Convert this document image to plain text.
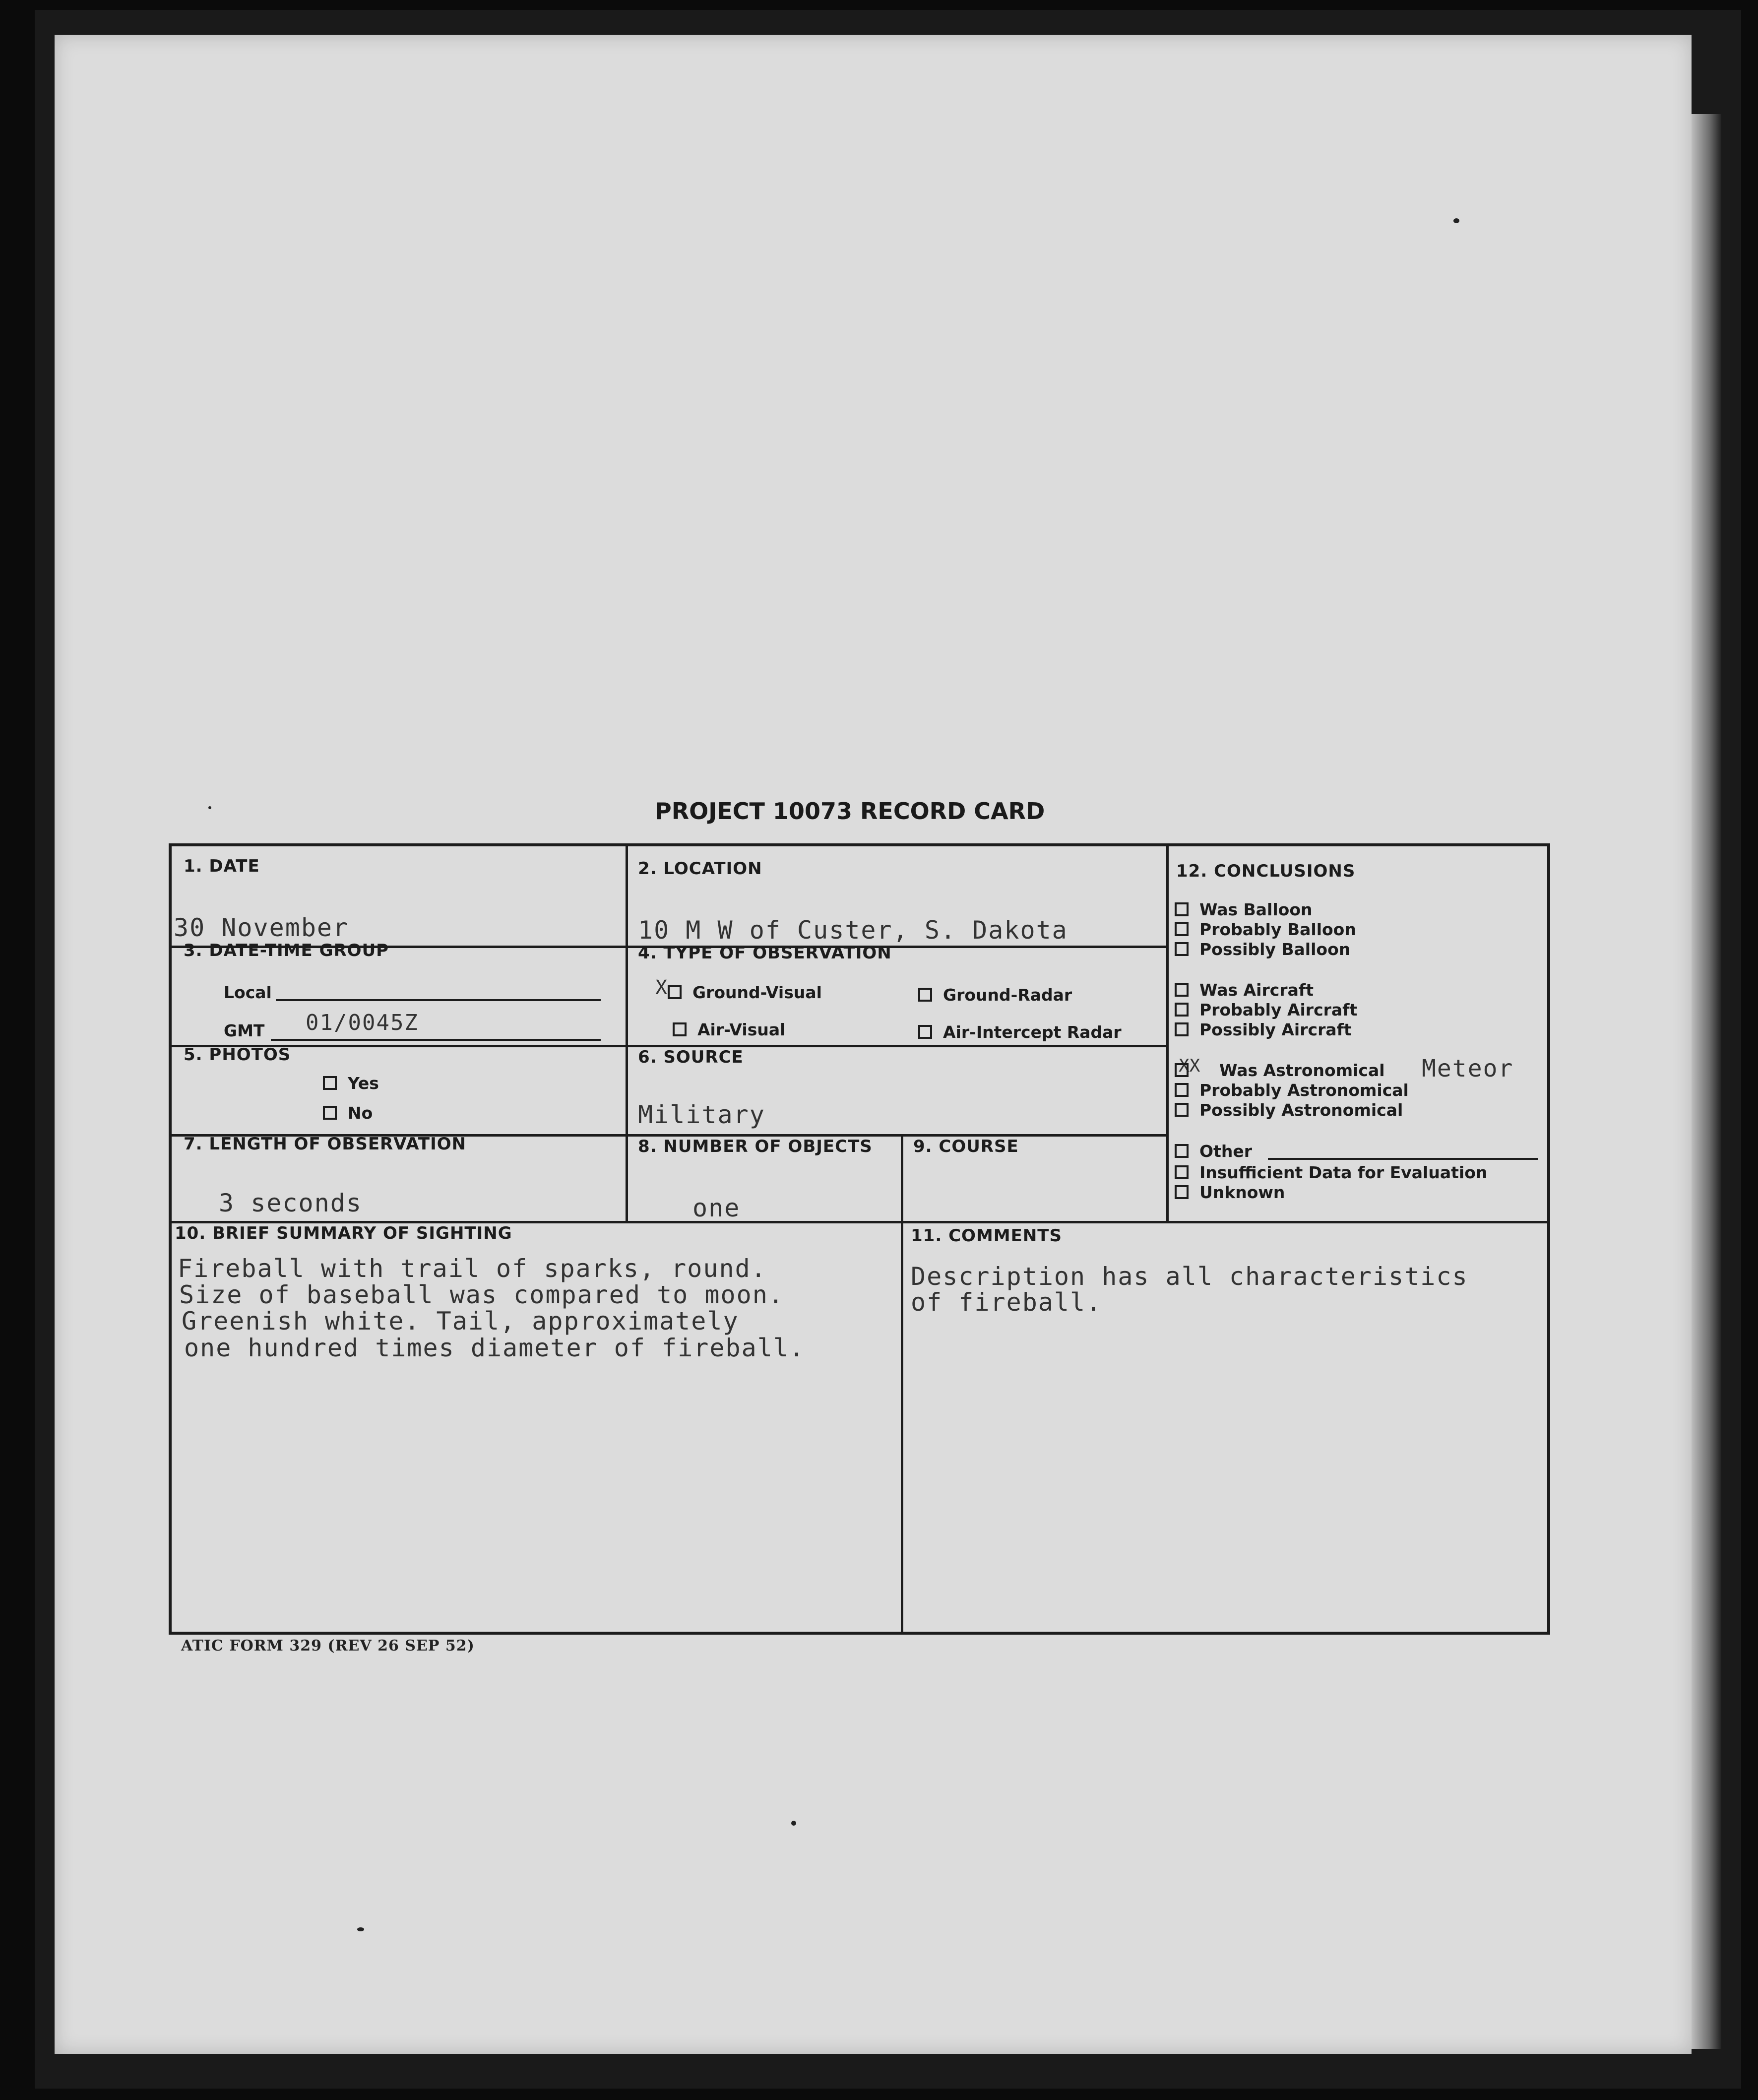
PROJECT 10073 RECORD CARD
1. DATE
30 November
2. LOCATION
10 M W of Custer, S. Dakota
3. DATE-TIME GROUP
Local
GMT 01/0045Z
4. TYPE OF OBSERVATION
X	Ground-Visual	Ground-Radar
Air-Visual	Air-Intercept Radar
5. PHOTOS
Yes
No
6. SOURCE
Military
7. LENGTH OF OBSERVATION
3 seconds
8. NUMBER OF OBJECTS
one
9. COURSE
10. BRIEF SUMMARY OF SIGHTING
Fireball with trail of sparks, round.
Size of baseball was compared to moon.
Greenish white. Tail, approximately
one hundred times diameter of fireball.
11. COMMENTS
Description has all characteristics
of fireball.
12. CONCLUSIONS
Was Balloon
Probably Balloon
Possibly Balloon
Was Aircraft
Probably Aircraft
Possibly Aircraft
XX	Was Astronomical Meteor
Probably Astronomical
Possibly Astronomical
Other
Insufficient Data for Evaluation
Unknown
ATIC FORM 329 (REV 26 SEP 52)
